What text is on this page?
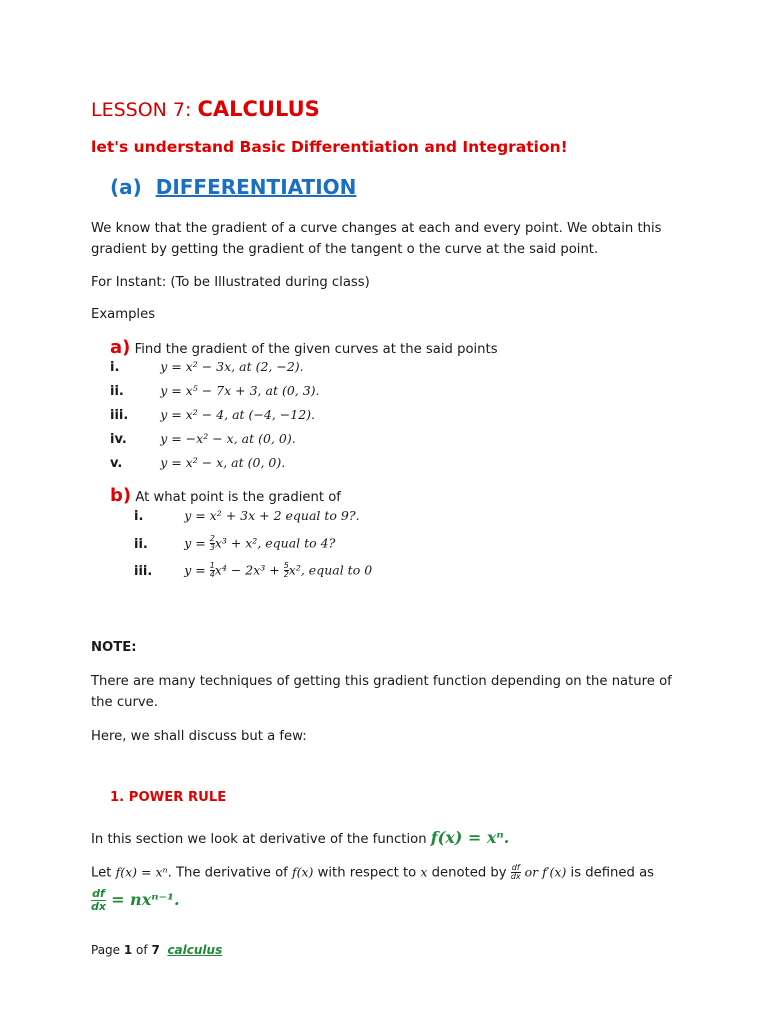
LESSON 7: CALCULUS
let's understand Basic Differentiation and Integration!
(a) DIFFERENTIATION
We know that the gradient of a curve changes at each and every point. We obtain this
gradient by getting the gradient of the tangent o the curve at the said point.
For Instant: (To be Illustrated during class)
Examples
a) Find the gradient of the given curves at the said points
i.	y = x² − 3x, at (2, −2).
ii.	y = x⁵ − 7x + 3, at (0, 3).
iii.	y = x² − 4, at (−4, −12).
iv.	y = −x² − x, at (0, 0).
v.	y = x² − x, at (0, 0).
b) At what point is the gradient of
i.	y = x² + 3x + 2 equal to 9?.
ii.	$y = \frac{2}{3} x^3 + x^2$, equal to 4?
iii.	$y = \frac{1}{4} x^4 - 2x^3 + \frac{5}{2} x^2$, equal to 0
NOTE:
There are many techniques of getting this gradient function depending on the nature of the curve.
Here, we shall discuss but a few:
1. POWER RULE
In this section we look at derivative of the function f(x) = xⁿ.
Let f(x) = xⁿ. The derivative of f(x) with respect to x denoted by $\frac{df}{dx}$ or f′(x) is defined as
$\frac{df}{dx} = nx^{n-1}$.
Page 1 of 7 calculus
